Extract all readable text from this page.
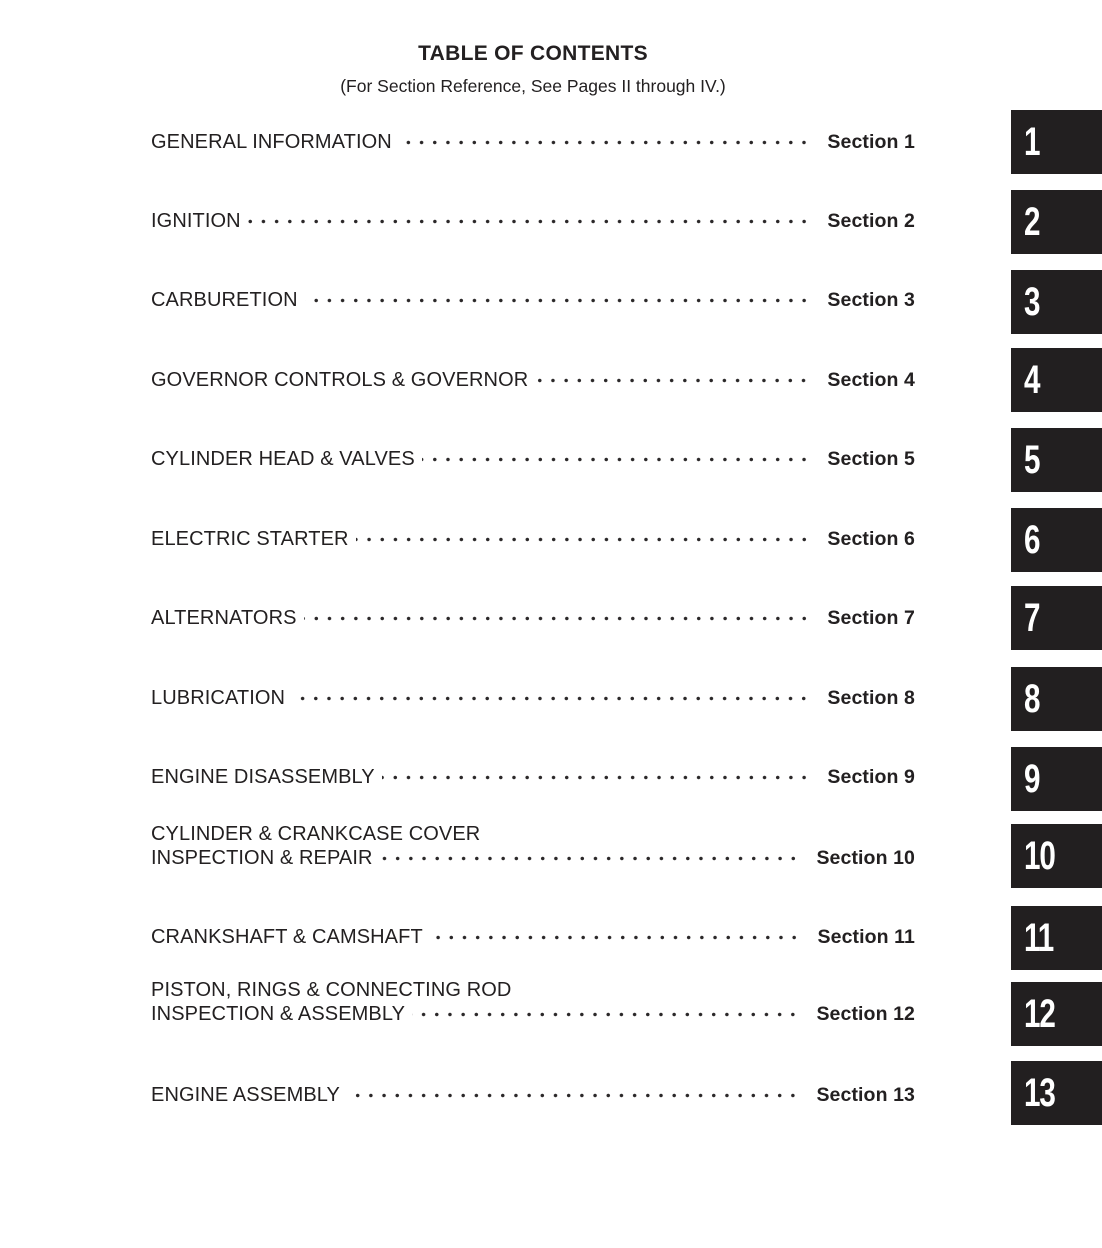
TABLE OF CONTENTS
(For Section Reference, See Pages II through IV.)
GENERAL INFORMATION	Section 1
IGNITION	Section 2
CARBURETION	Section 3
GOVERNOR CONTROLS & GOVERNOR	Section 4
CYLINDER HEAD & VALVES	Section 5
ELECTRIC STARTER	Section 6
ALTERNATORS	Section 7
LUBRICATION	Section 8
ENGINE DISASSEMBLY	Section 9
CYLINDER & CRANKCASE COVER
INSPECTION & REPAIR	Section 10
CRANKSHAFT & CAMSHAFT	Section 11
PISTON, RINGS & CONNECTING ROD
INSPECTION & ASSEMBLY	Section 12
ENGINE ASSEMBLY	Section 13
1
2
3
4
5
6
7
8
9
10
11
12
13
